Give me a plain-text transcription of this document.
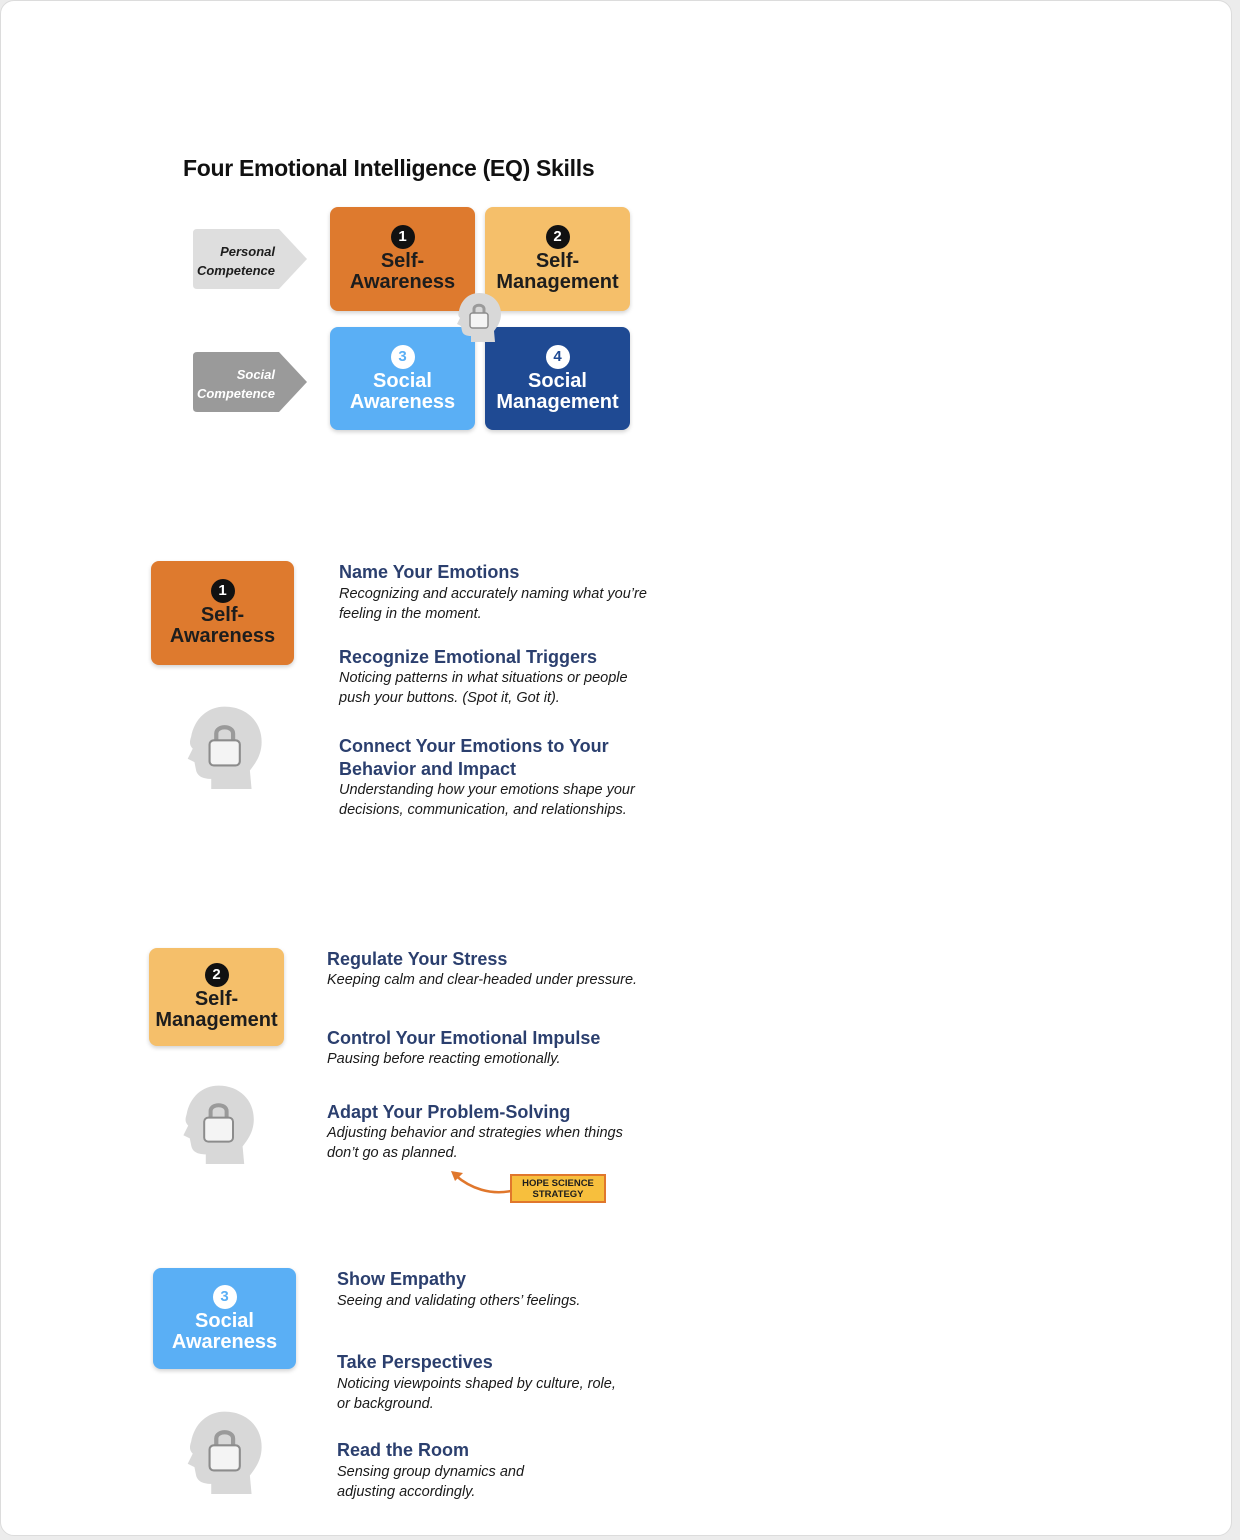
Four Emotional Intelligence (EQ) Skills
Personal
Competence
Social
Competence
1
Self-
Awareness
2
Self-
Management
3
Social
Awareness
4
Social
Management
1
Self-
Awareness
Name Your Emotions
Recognizing and accurately naming what you’re
feeling in the moment.
Recognize Emotional Triggers
Noticing patterns in what situations or people
push your buttons. (Spot it, Got it).
Connect Your Emotions to Your
Behavior and Impact
Understanding how your emotions shape your
decisions, communication, and relationships.
2
Self-
Management
Regulate Your Stress
Keeping calm and clear-headed under pressure.
Control Your Emotional Impulse
Pausing before reacting emotionally.
Adapt Your Problem-Solving
Adjusting behavior and strategies when things
don’t go as planned.
HOPE SCIENCE
STRATEGY
3
Social
Awareness
Show Empathy
Seeing and validating others’ feelings.
Take Perspectives
Noticing viewpoints shaped by culture, role,
or background.
Read the Room
Sensing group dynamics and
adjusting accordingly.
